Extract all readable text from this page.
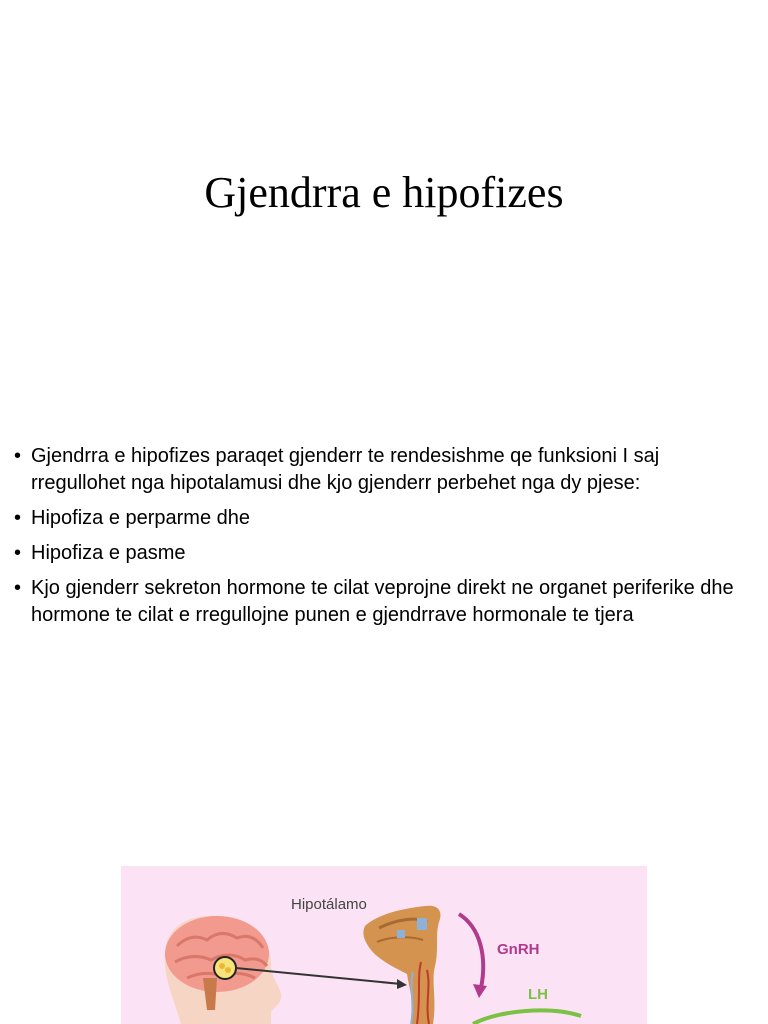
Gjendrra e hipofizes
• Gjendrra e hipofizes paraqet gjenderr te rendesishme qe funksioni I saj rregullohet nga hipotalamusi dhe kjo gjenderr perbehet nga dy pjese:
• Hipofiza e perparme dhe
• Hipofiza e pasme
• Kjo gjenderr sekreton hormone te cilat veprojne direkt ne organet periferike dhe hormone te cilat e rregullojne punen e gjendrrave hormonale te tjera
Hipotálamo
GnRH
LH
